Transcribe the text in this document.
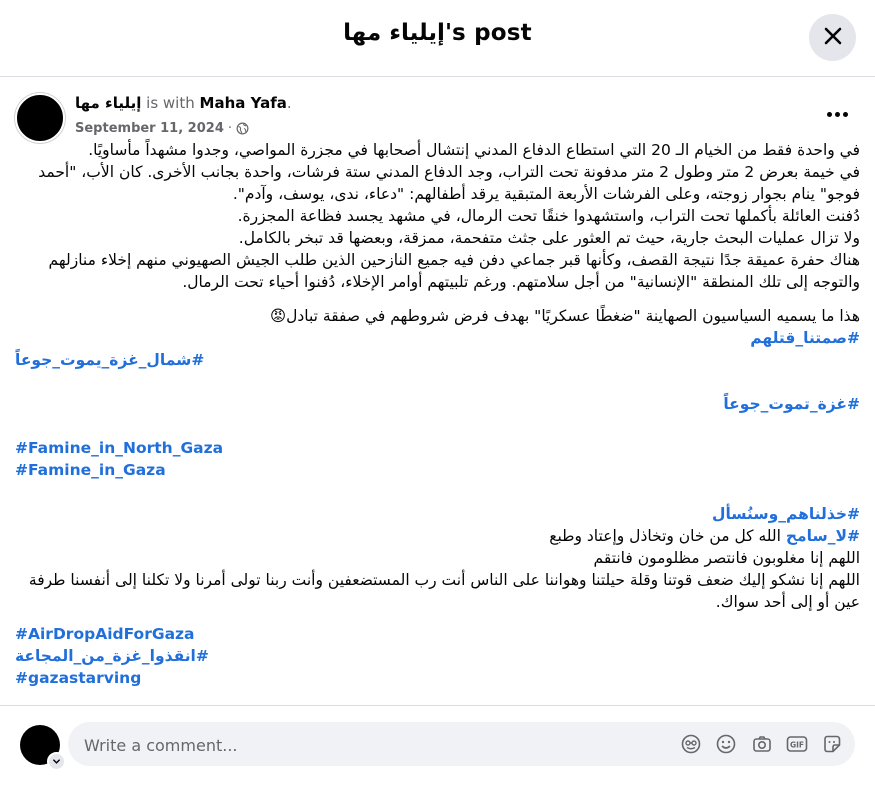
إيلياء مها's post
إيلياء مها is with Maha Yafa.
September 11, 2024 ·

في واحدة فقط من الخيام الـ 20 التي استطاع الدفاع المدني إنتشال أصحابها في مجزرة المواصي، وجدوا مشهداً مأساويًا.

في خيمة بعرض 2 متر وطول 2 متر مدفونة تحت التراب، وجد الدفاع المدني ستة فرشات، واحدة بجانب الأخرى. كان الأب، "أحمد فوجو" ينام بجوار زوجته، وعلى الفرشات الأربعة المتبقية يرقد أطفالهم: "دعاء، ندى، يوسف، وآدم".

دُفنت العائلة بأكملها تحت التراب، واستشهدوا خنقًا تحت الرمال، في مشهد يجسد فظاعة المجزرة.

ولا تزال عمليات البحث جارية، حيث تم العثور على جثث متفحمة، ممزقة، وبعضها قد تبخر بالكامل.

هناك حفرة عميقة جدًا نتيجة القصف، وكأنها قبر جماعي دفن فيه جميع النازحين الذين طلب الجيش الصهيوني منهم إخلاء منازلهم والتوجه إلى تلك المنطقة "الإنسانية" من أجل سلامتهم. ورغم تلبيتهم أوامر الإخلاء، دُفنوا أحياء تحت الرمال.

هذا ما يسميه السياسيون الصهاينة "ضغطًا عسكريًا" بهدف فرض شروطهم في صفقة تبادل😡

#صمتنا_قتلهم
#شمال_غزة_يموت_جوعاً
#غزة_تموت_جوعاً
#Famine_in_North_Gaza
#Famine_in_Gaza
#خذلناهم_وسنُسأل

#لا_سامح الله كل من خان وتخاذل وإعتاد وطبع

اللهم إنا مغلوبون فانتصر مظلومون فانتقم

اللهم إنا نشكو إليك ضعف قوتنا وقلة حيلتنا وهواننا على الناس أنت رب المستضعفين وأنت ربنا تولى أمرنا ولا تكلنا إلى أنفسنا طرفة عين أو إلى أحد سواك.

#AirDropAidForGaza
#انقذوا_غزة_من_المجاعة
#gazastarving
Write a comment...
GIF
